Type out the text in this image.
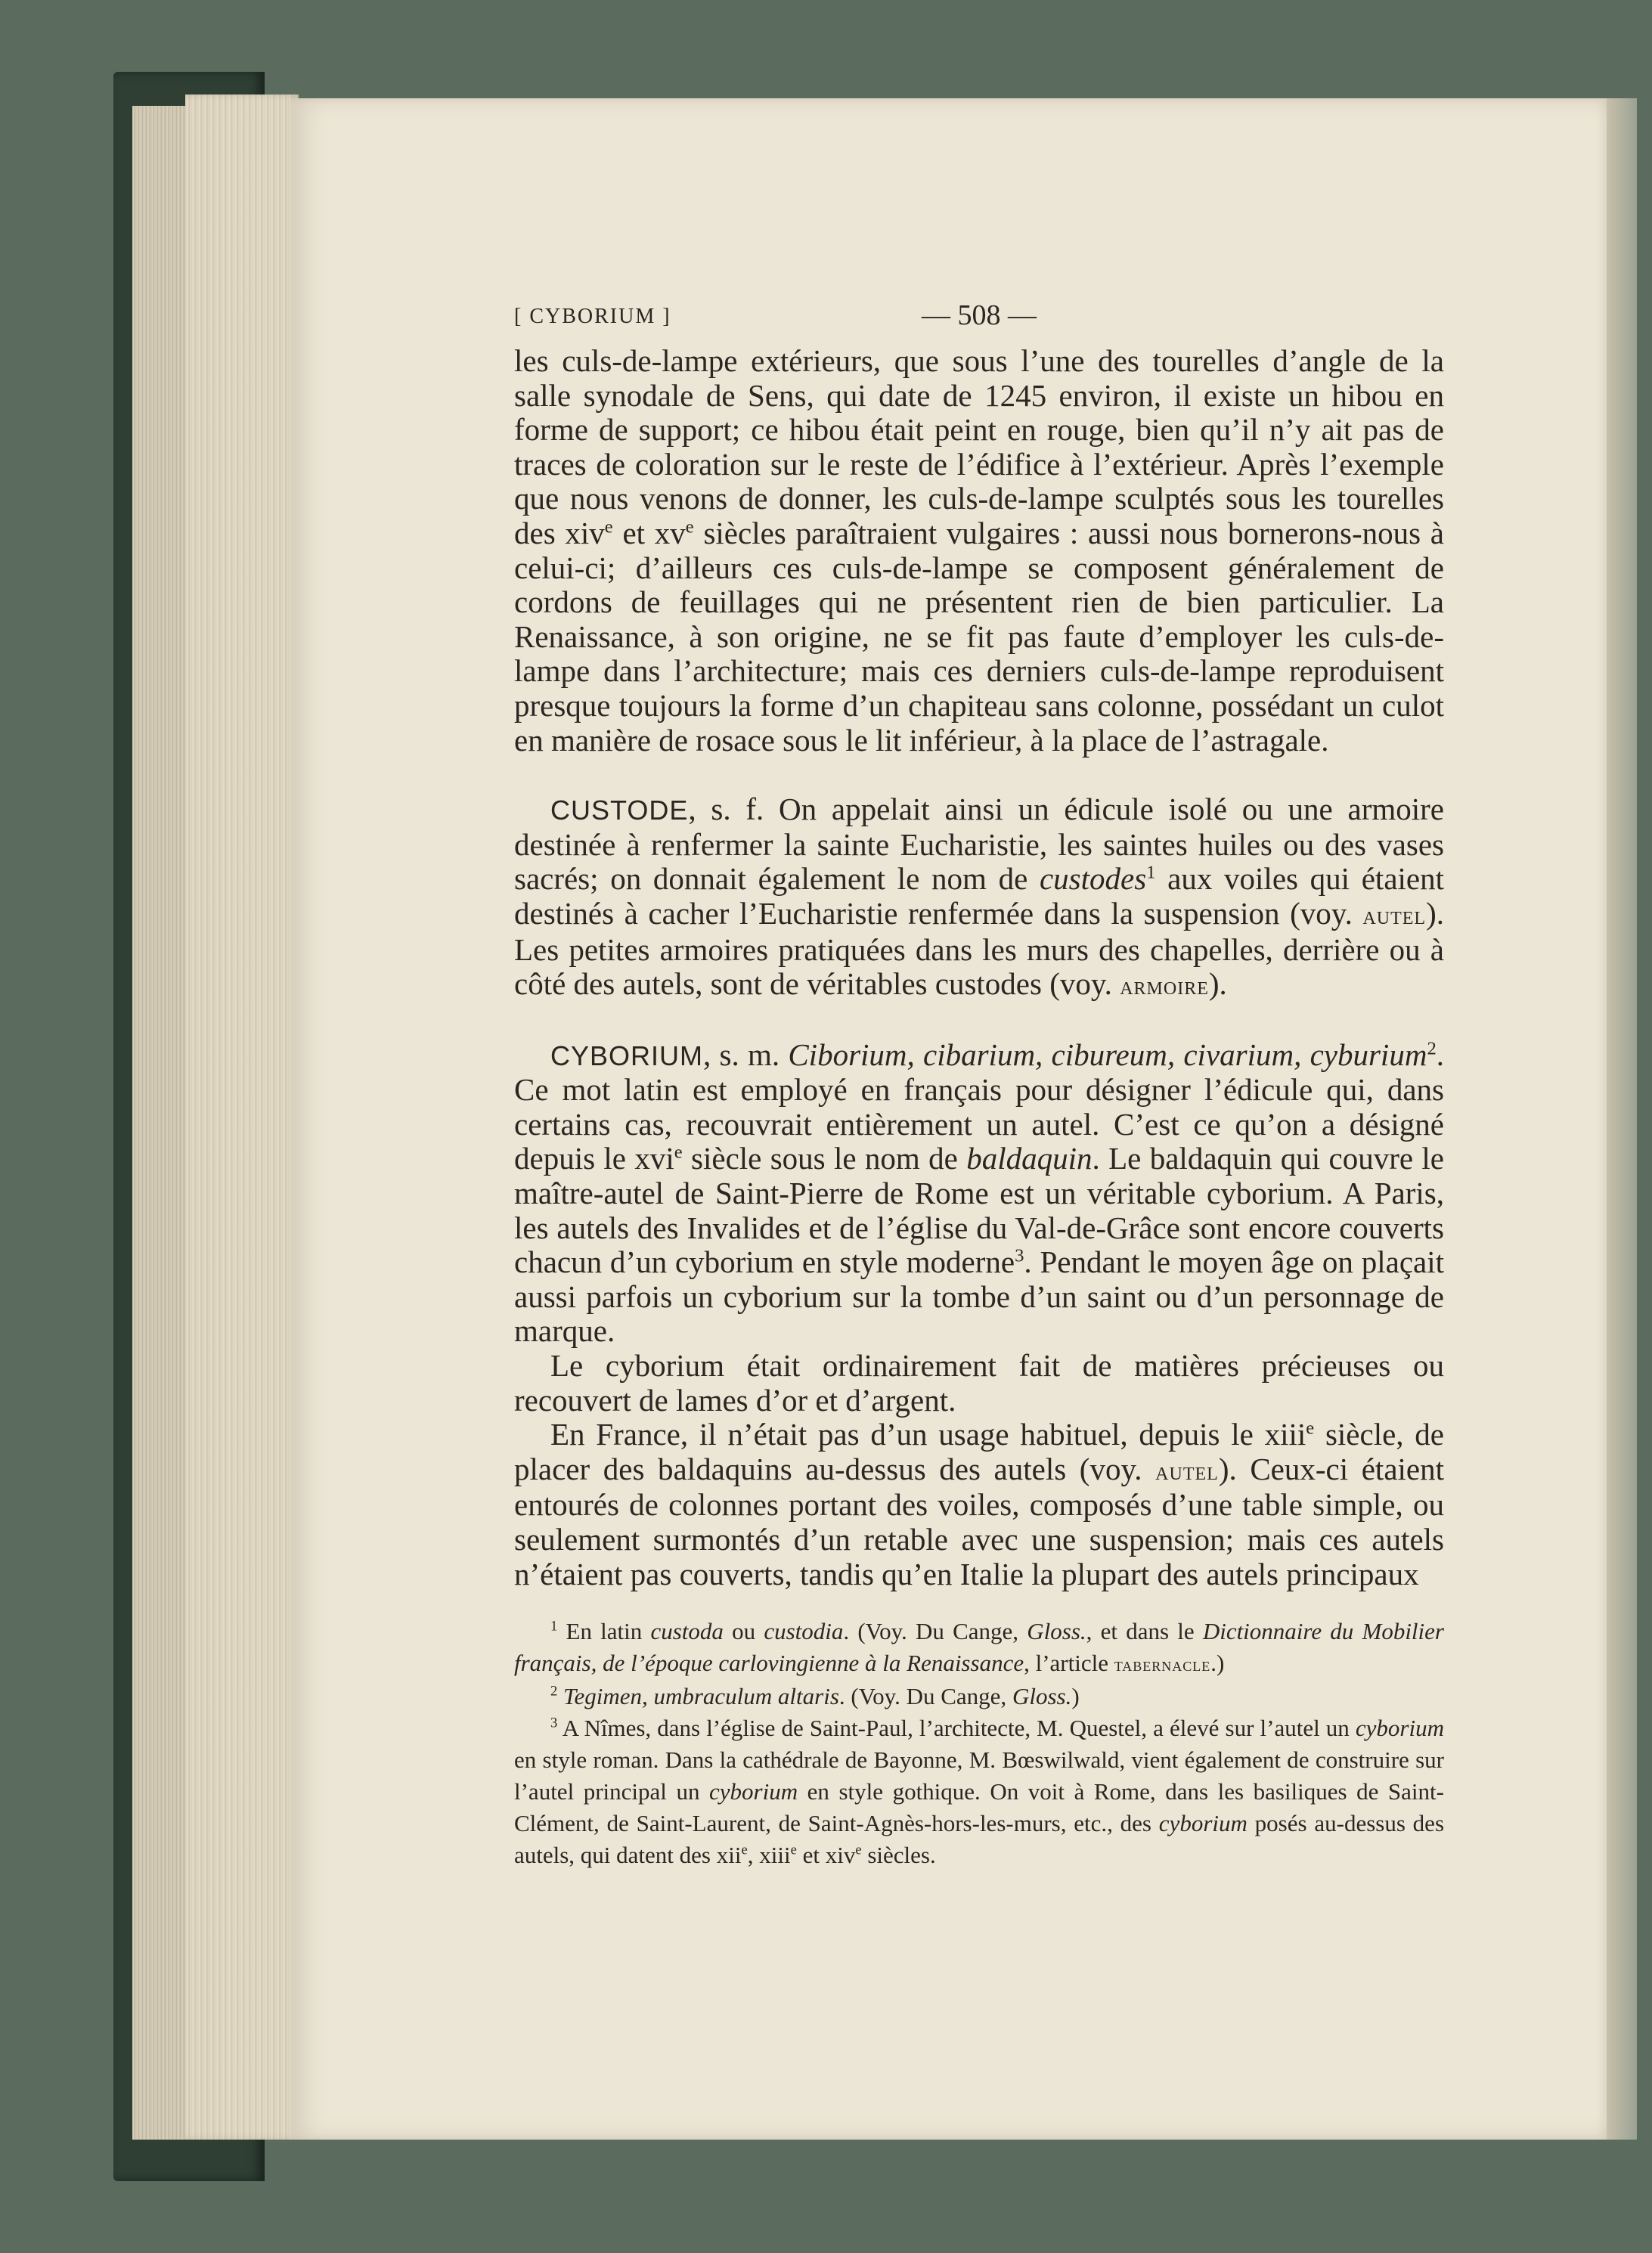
[ CYBORIUM ]	— 508 —

les culs-de-lampe extérieurs, que sous l’une des tourelles d’angle de la salle synodale de Sens, qui date de 1245 environ, il existe un hibou en forme de support; ce hibou était peint en rouge, bien qu’il n’y ait pas de traces de coloration sur le reste de l’édifice à l’extérieur. Après l’exemple que nous venons de donner, les culs-de-lampe sculptés sous les tourelles des xiv$^e$ et $xv^e$ siècles paraîtraient vulgaires : aussi nous bornerons-nous à celui-ci; d’ailleurs ces culs-de-lampe se composent généralement de cordons de feuillages qui ne présentent rien de bien particulier. La Renaissance, à son origine, ne se fit pas faute d’employer les culs-de-lampe dans l’architecture; mais ces derniers culs-de-lampe reproduisent presque toujours la forme d’un chapiteau sans colonne, possédant un culot en manière de rosace sous le lit inférieur, à la place de l’astragale.

CUSTODE, s. f. On appelait ainsi un édicule isolé ou une armoire destinée à renfermer la sainte Eucharistie, les saintes huiles ou des vases sacrés; on donnait également le nom de custodes$^1$ aux voiles qui étaient destinés à cacher l’Eucharistie renfermée dans la suspension (voy. autel). Les petites armoires pratiquées dans les murs des chapelles, derrière ou à côté des autels, sont de véritables custodes (voy. armoire).

CYBORIUM, s. m. Ciborium, cibarium, cibureum, civarium, cyburium$^2$. Ce mot latin est employé en français pour désigner l’édicule qui, dans certains cas, recouvrait entièrement un autel. C’est ce qu’on a désigné depuis le xvi$^e$ siècle sous le nom de baldaquin. Le baldaquin qui couvre le maître-autel de Saint-Pierre de Rome est un véritable cyborium. A Paris, les autels des Invalides et de l’église du Val-de-Grâce sont encore couverts chacun d’un cyborium en style moderne$^3$. Pendant le moyen âge on plaçait aussi parfois un cyborium sur la tombe d’un saint ou d’un personnage de marque.

Le cyborium était ordinairement fait de matières précieuses ou recouvert de lames d’or et d’argent.

En France, il n’était pas d’un usage habituel, depuis le xiii$^e$ siècle, de placer des baldaquins au-dessus des autels (voy. autel). Ceux-ci étaient entourés de colonnes portant des voiles, composés d’une table simple, ou seulement surmontés d’un retable avec une suspension; mais ces autels n’étaient pas couverts, tandis qu’en Italie la plupart des autels principaux

$^1$ En latin custoda ou custodia. (Voy. Du Cange, Gloss., et dans le Dictionnaire du Mobilier français, de l’époque carlovingienne à la Renaissance, l’article tabernacle.)

$^2$ Tegimen, umbraculum altaris. (Voy. Du Cange, Gloss.)

$^3$ A Nîmes, dans l’église de Saint-Paul, l’architecte, M. Questel, a élevé sur l’autel un cyborium en style roman. Dans la cathédrale de Bayonne, M. Bœswilwald, vient également de construire sur l’autel principal un cyborium en style gothique. On voit à Rome, dans les basiliques de Saint-Clément, de Saint-Laurent, de Saint-Agnès-hors-les-murs, etc., des cyborium posés au-dessus des autels, qui datent des xii$^e$, xiii$^e$ et xiv$^e$ siècles.
